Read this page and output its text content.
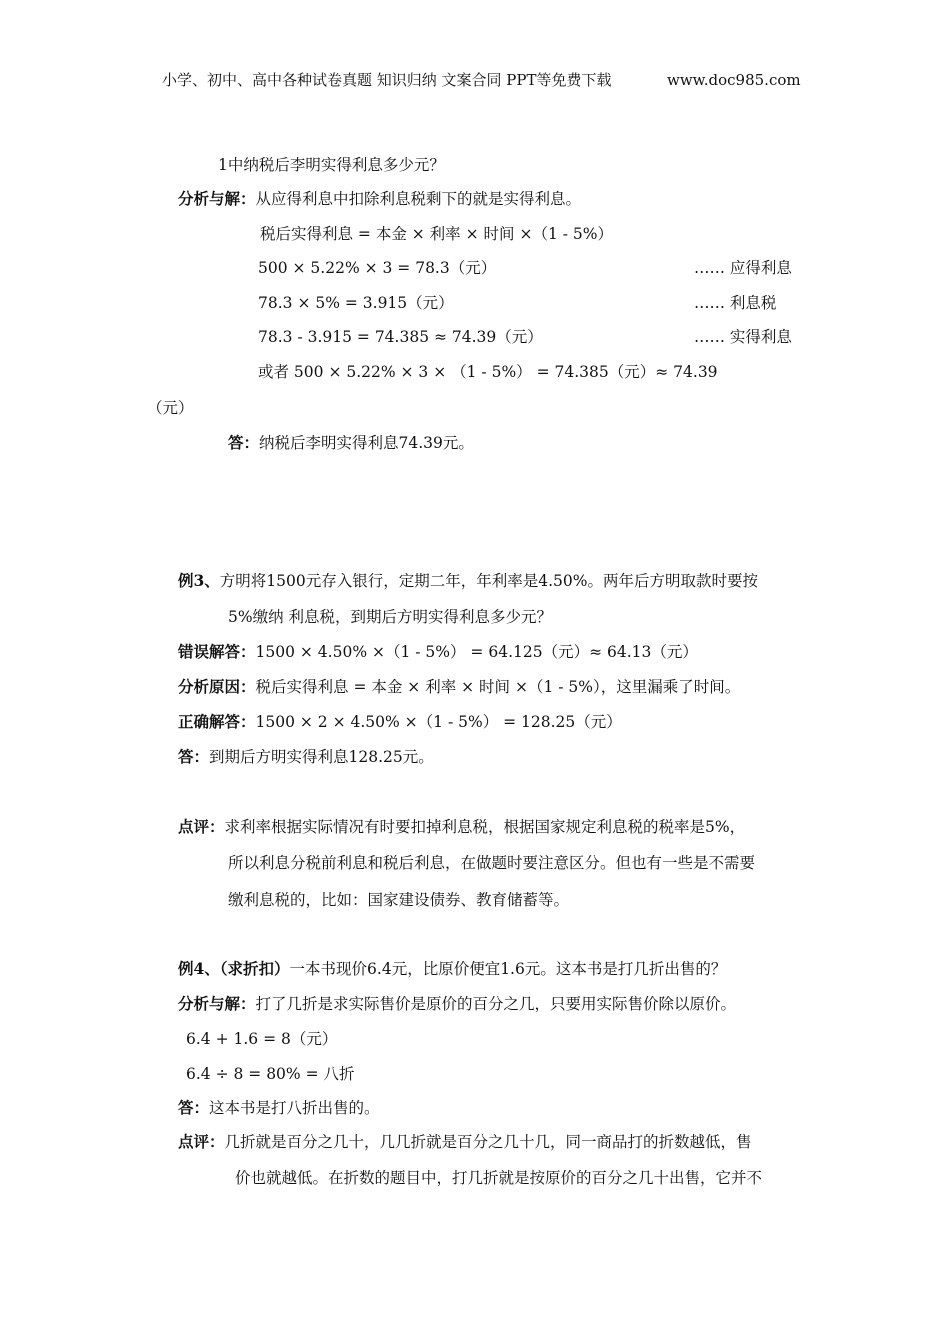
小学、初中、高中各种试卷真题 知识归纳 文案合同 PPT等免费下载	www.doc985.com
1中纳税后李明实得利息多少元？
分析与解：从应得利息中扣除利息税剩下的就是实得利息。
税后实得利息 = 本金 × 利率 × 时间 ×（1 - 5%）
500 × 5.22% × 3 = 78.3（元）	…… 应得利息
78.3 × 5% = 3.915（元）	…… 利息税
78.3 - 3.915 = 74.385 ≈ 74.39（元）	…… 实得利息
或者 500 × 5.22% × 3 × （1 - 5%） = 74.385（元）≈ 74.39
（元）
答：纳税后李明实得利息74.39元。
例3、方明将1500元存入银行，定期二年，年利率是4.50%。两年后方明取款时要按
5%缴纳 利息税，到期后方明实得利息多少元？
错误解答：1500 × 4.50% ×（1 - 5%） = 64.125（元）≈ 64.13（元）
分析原因：税后实得利息 = 本金 × 利率 × 时间 ×（1 - 5%），这里漏乘了时间。
正确解答：1500 × 2 × 4.50% ×（1 - 5%） = 128.25（元）
答：到期后方明实得利息128.25元。
点评：求利率根据实际情况有时要扣掉利息税，根据国家规定利息税的税率是5%，
所以利息分税前利息和税后利息，在做题时要注意区分。但也有一些是不需要
缴利息税的，比如：国家建设债券、教育储蓄等。
例4、（求折扣）一本书现价6.4元，比原价便宜1.6元。这本书是打几折出售的？
分析与解：打了几折是求实际售价是原价的百分之几，只要用实际售价除以原价。
6.4 + 1.6 = 8（元）
6.4 ÷ 8 = 80% = 八折
答：这本书是打八折出售的。
点评：几折就是百分之几十，几几折就是百分之几十几，同一商品打的折数越低，售
价也就越低。在折数的题目中，打几折就是按原价的百分之几十出售，它并不
